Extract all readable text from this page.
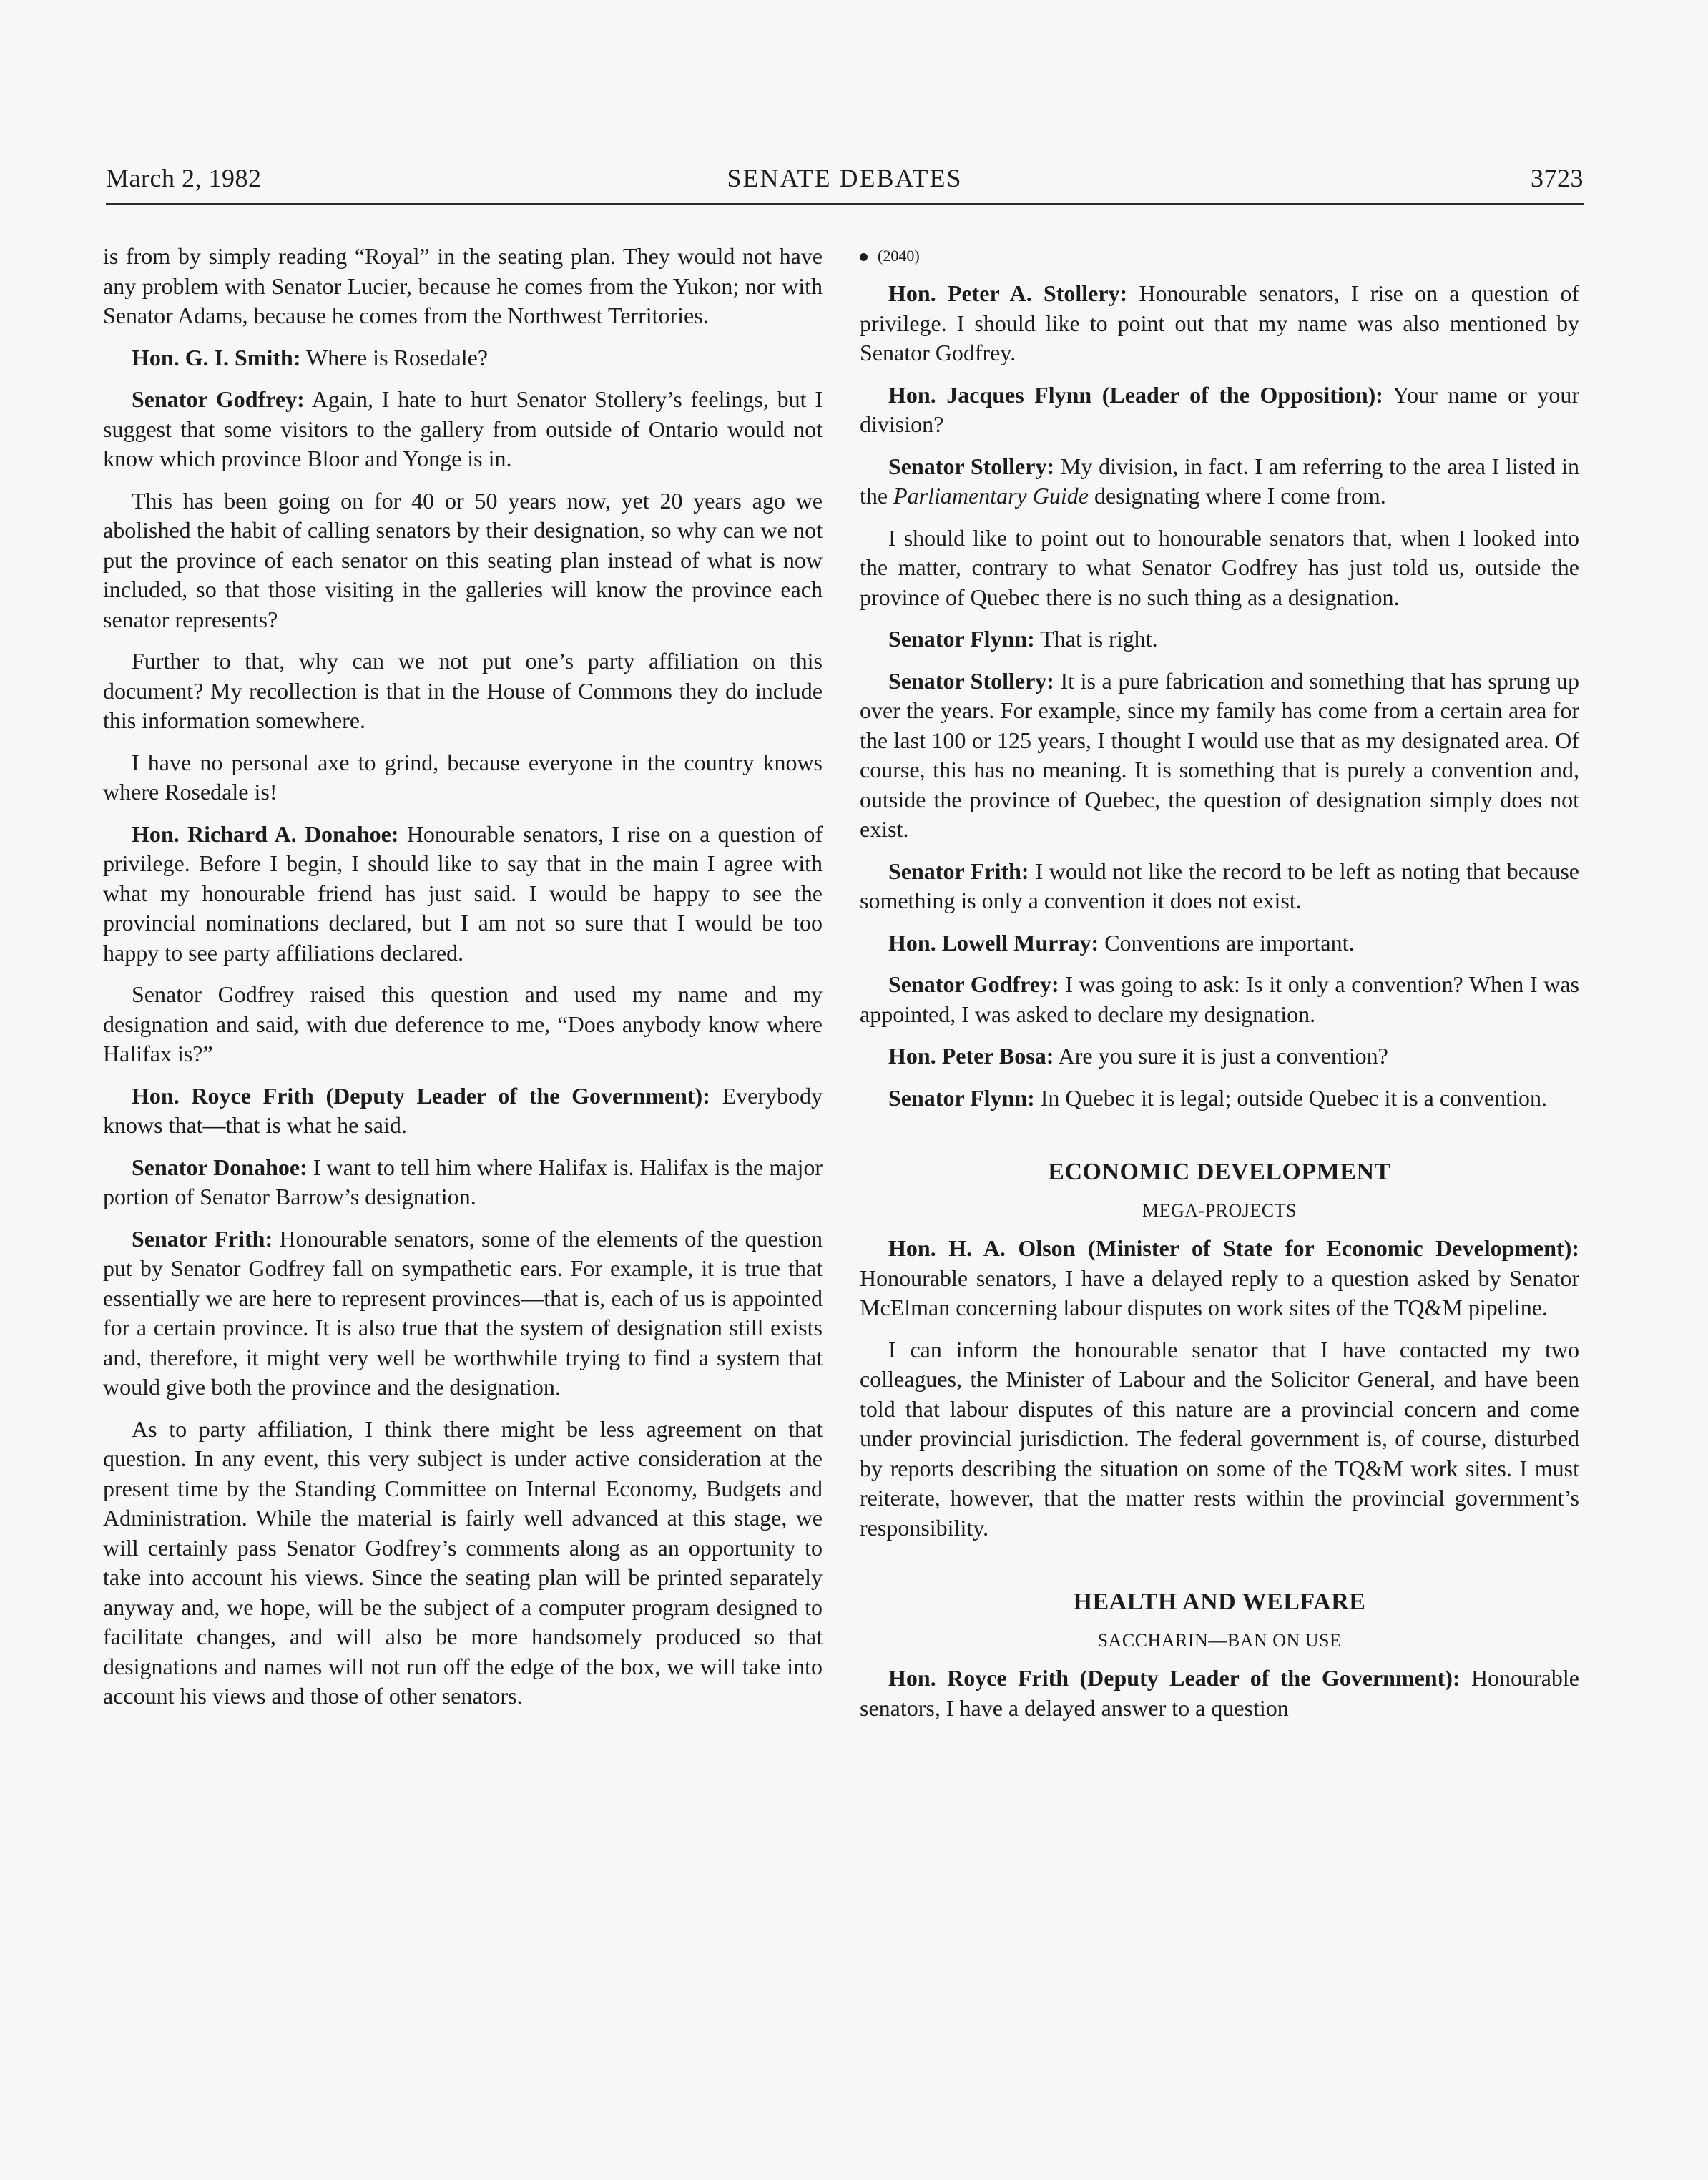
March 2, 1982	SENATE DEBATES	3723

is from by simply reading “Royal” in the seating plan. They would not have any problem with Senator Lucier, because he comes from the Yukon; nor with Senator Adams, because he comes from the Northwest Territories.

Hon. G. I. Smith: Where is Rosedale?

Senator Godfrey: Again, I hate to hurt Senator Stollery’s feelings, but I suggest that some visitors to the gallery from outside of Ontario would not know which province Bloor and Yonge is in.

This has been going on for 40 or 50 years now, yet 20 years ago we abolished the habit of calling senators by their designation, so why can we not put the province of each senator on this seating plan instead of what is now included, so that those visiting in the galleries will know the province each senator represents?

Further to that, why can we not put one’s party affiliation on this document? My recollection is that in the House of Commons they do include this information somewhere.

I have no personal axe to grind, because everyone in the country knows where Rosedale is!

Hon. Richard A. Donahoe: Honourable senators, I rise on a question of privilege. Before I begin, I should like to say that in the main I agree with what my honourable friend has just said. I would be happy to see the provincial nominations declared, but I am not so sure that I would be too happy to see party affiliations declared.

Senator Godfrey raised this question and used my name and my designation and said, with due deference to me, “Does anybody know where Halifax is?”

Hon. Royce Frith (Deputy Leader of the Government): Everybody knows that—that is what he said.

Senator Donahoe: I want to tell him where Halifax is. Halifax is the major portion of Senator Barrow’s designation.

Senator Frith: Honourable senators, some of the elements of the question put by Senator Godfrey fall on sympathetic ears. For example, it is true that essentially we are here to represent provinces—that is, each of us is appointed for a certain province. It is also true that the system of designation still exists and, therefore, it might very well be worthwhile trying to find a system that would give both the province and the designation.

As to party affiliation, I think there might be less agreement on that question. In any event, this very subject is under active consideration at the present time by the Standing Committee on Internal Economy, Budgets and Administration. While the material is fairly well advanced at this stage, we will certainly pass Senator Godfrey’s comments along as an opportunity to take into account his views. Since the seating plan will be printed separately anyway and, we hope, will be the subject of a computer program designed to facilitate changes, and will also be more handsomely produced so that designations and names will not run off the edge of the box, we will take into account his views and those of other senators.

(2040)

Hon. Peter A. Stollery: Honourable senators, I rise on a question of privilege. I should like to point out that my name was also mentioned by Senator Godfrey.

Hon. Jacques Flynn (Leader of the Opposition): Your name or your division?

Senator Stollery: My division, in fact. I am referring to the area I listed in the Parliamentary Guide designating where I come from.

I should like to point out to honourable senators that, when I looked into the matter, contrary to what Senator Godfrey has just told us, outside the province of Quebec there is no such thing as a designation.

Senator Flynn: That is right.

Senator Stollery: It is a pure fabrication and something that has sprung up over the years. For example, since my family has come from a certain area for the last 100 or 125 years, I thought I would use that as my designated area. Of course, this has no meaning. It is something that is purely a convention and, outside the province of Quebec, the question of designation simply does not exist.

Senator Frith: I would not like the record to be left as noting that because something is only a convention it does not exist.

Hon. Lowell Murray: Conventions are important.

Senator Godfrey: I was going to ask: Is it only a convention? When I was appointed, I was asked to declare my designation.

Hon. Peter Bosa: Are you sure it is just a convention?

Senator Flynn: In Quebec it is legal; outside Quebec it is a convention.

ECONOMIC DEVELOPMENT
MEGA-PROJECTS

Hon. H. A. Olson (Minister of State for Economic Development): Honourable senators, I have a delayed reply to a question asked by Senator McElman concerning labour disputes on work sites of the TQ&M pipeline.

I can inform the honourable senator that I have contacted my two colleagues, the Minister of Labour and the Solicitor General, and have been told that labour disputes of this nature are a provincial concern and come under provincial jurisdiction. The federal government is, of course, disturbed by reports describing the situation on some of the TQ&M work sites. I must reiterate, however, that the matter rests within the provincial government’s responsibility.

HEALTH AND WELFARE
SACCHARIN—BAN ON USE

Hon. Royce Frith (Deputy Leader of the Government): Honourable senators, I have a delayed answer to a question
